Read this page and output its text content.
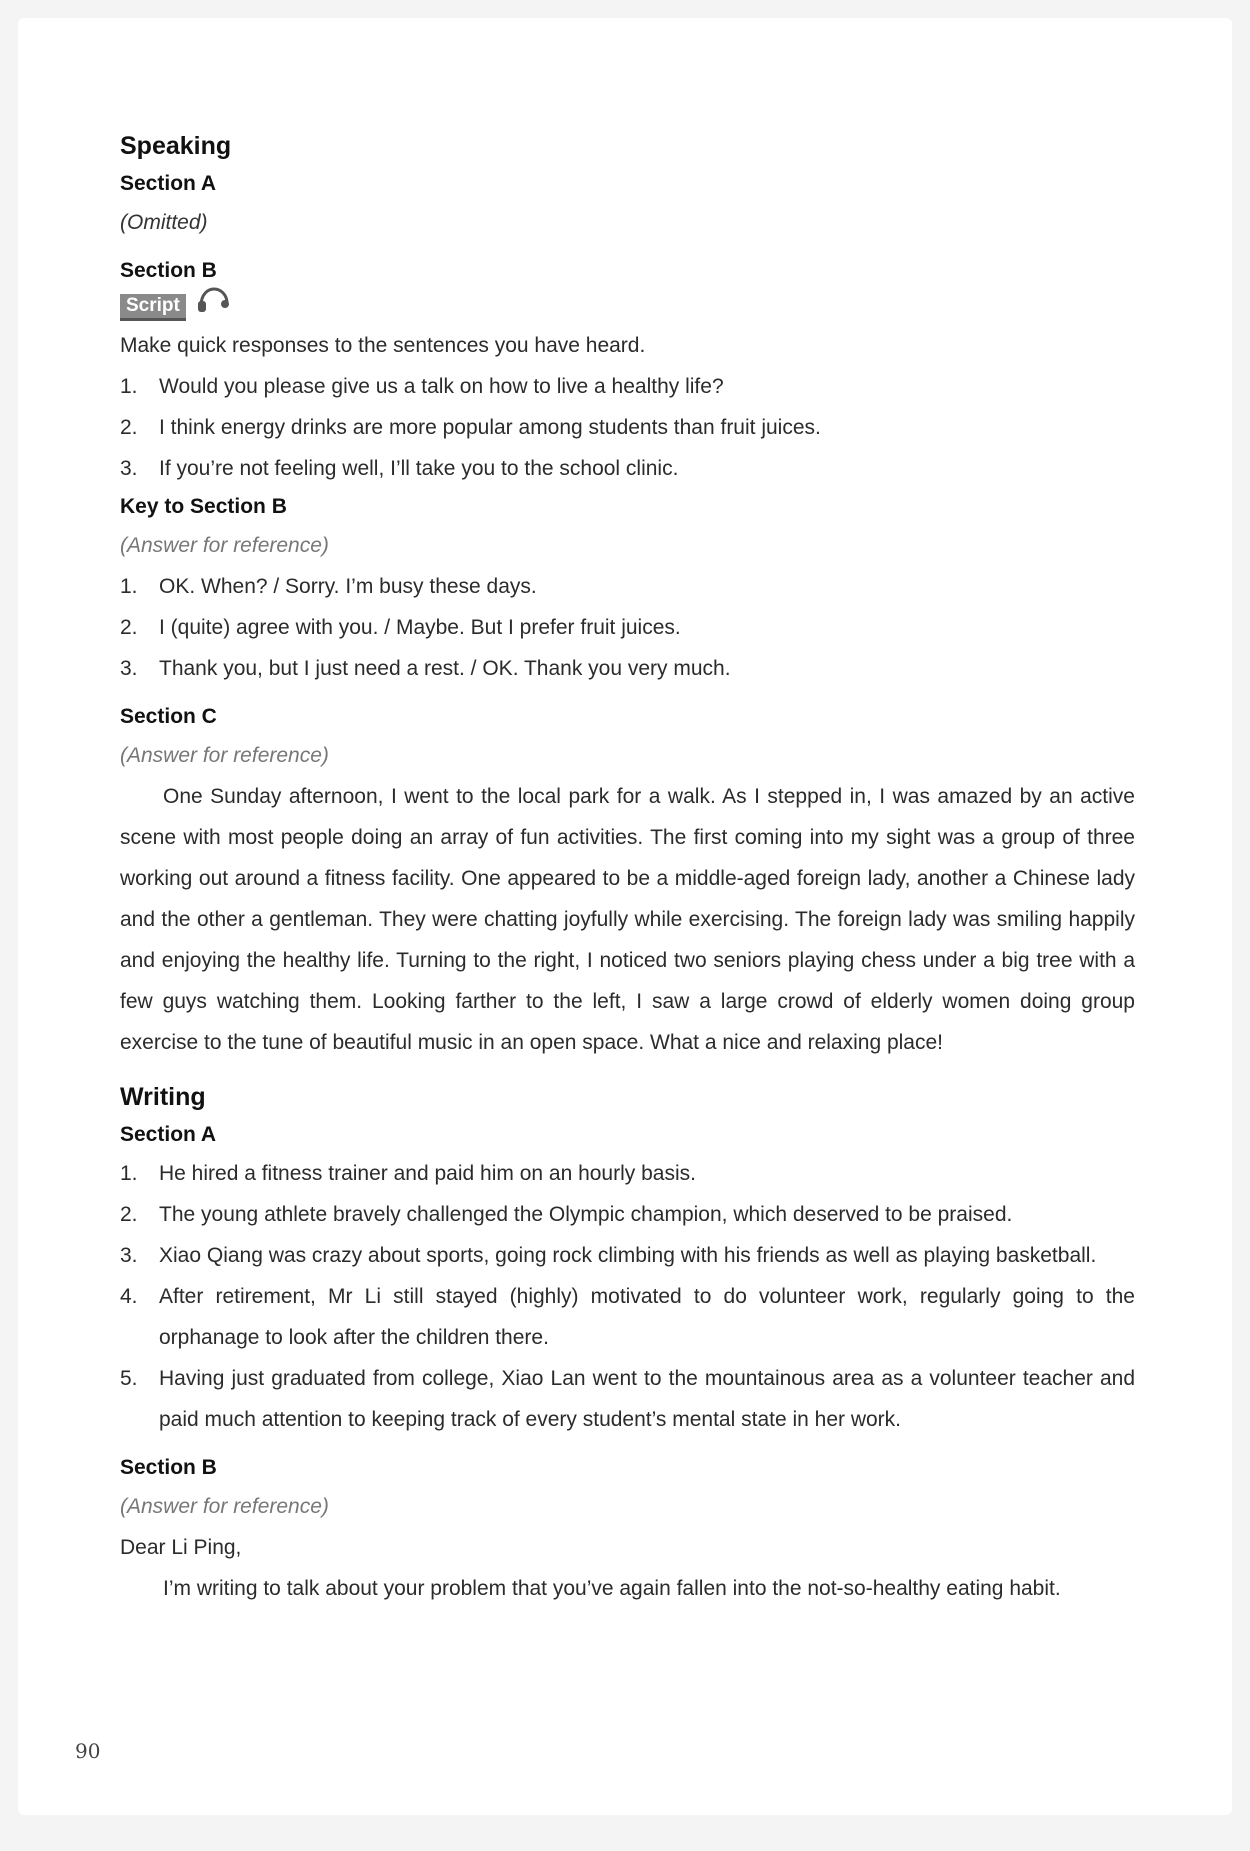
Speaking
Section A

(Omitted)

Section B
Script

Make quick responses to the sentences you have heard.

1.	Would you please give us a talk on how to live a healthy life?
2.	I think energy drinks are more popular among students than fruit juices.
3.	If you’re not feeling well, I’ll take you to the school clinic.
Key to Section B

(Answer for reference)

1.	OK. When? / Sorry. I’m busy these days.
2.	I (quite) agree with you. / Maybe. But I prefer fruit juices.
3.	Thank you, but I just need a rest. / OK. Thank you very much.
Section C

(Answer for reference)

One Sunday afternoon, I went to the local park for a walk. As I stepped in, I was amazed by an active scene with most people doing an array of fun activities. The first coming into my sight was a group of three working out around a fitness facility. One appeared to be a middle-aged foreign lady, another a Chinese lady and the other a gentleman. They were chatting joyfully while exercising. The foreign lady was smiling happily and enjoying the healthy life. Turning to the right, I noticed two seniors playing chess under a big tree with a few guys watching them. Looking farther to the left, I saw a large crowd of elderly women doing group exercise to the tune of beautiful music in an open space. What a nice and relaxing place!

Writing
Section A
1.	He hired a fitness trainer and paid him on an hourly basis.
2.	The young athlete bravely challenged the Olympic champion, which deserved to be praised.
3.	Xiao Qiang was crazy about sports, going rock climbing with his friends as well as playing basketball.
4.	After retirement, Mr Li still stayed (highly) motivated to do volunteer work, regularly going to the orphanage to look after the children there.
5.	Having just graduated from college, Xiao Lan went to the mountainous area as a volunteer teacher and paid much attention to keeping track of every student’s mental state in her work.
Section B

(Answer for reference)

Dear Li Ping,

I’m writing to talk about your problem that you’ve again fallen into the not-so-healthy eating habit.

90
